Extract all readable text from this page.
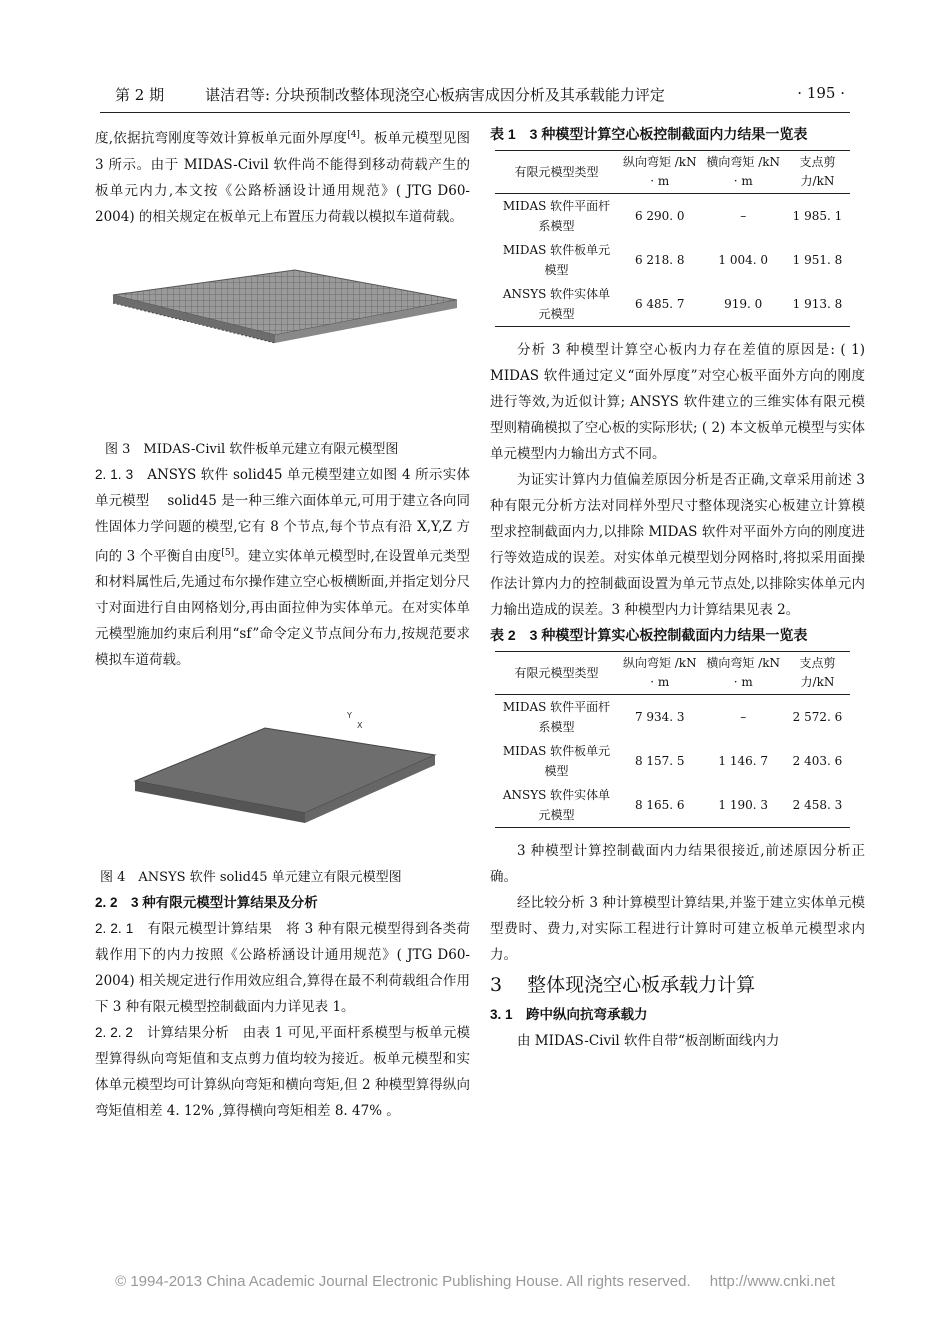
第 2 期	谌洁君等: 分块预制改整体现浇空心板病害成因分析及其承载能力评定	· 195 ·

度,依据抗弯刚度等效计算板单元面外厚度[4]。板单元模型见图 3 所示。由于 MIDAS-Civil 软件尚不能得到移动荷载产生的板单元内力,本文按《公路桥涵设计通用规范》( JTG D60-2004) 的相关规定在板单元上布置压力荷载以模拟车道荷载。

图 3　MIDAS-Civil 软件板单元建立有限元模型图

2. 1. 3　 ANSYS 软件 solid45 单元模型建立如图 4 所示实体单元模型　 solid45 是一种三维六面体单元,可用于建立各向同性固体力学问题的模型,它有 8 个节点,每个节点有沿 X,Y,Z 方向的 3 个平衡自由度[5]。建立实体单元模型时,在设置单元类型和材料属性后,先通过布尔操作建立空心板横断面,并指定划分尺寸对面进行自由网格划分,再由面拉伸为实体单元。在对实体单元模型施加约束后利用“sf”命令定义节点间分布力,按规范要求模拟车道荷载。

Y
X

图 4　ANSYS 软件 solid45 单元建立有限元模型图

2. 2　 3 种有限元模型计算结果及分析

2. 2. 1　 有限元模型计算结果　 将 3 种有限元模型得到各类荷载作用下的内力按照《公路桥涵设计通用规范》( JTG D60-2004) 相关规定进行作用效应组合,算得在最不利荷载组合作用下 3 种有限元模型控制截面内力详见表 1。

2. 2. 2　 计算结果分析　 由表 1 可见,平面杆系模型与板单元模型算得纵向弯矩值和支点剪力值均较为接近。板单元模型和实体单元模型均可计算纵向弯矩和横向弯矩,但 2 种模型算得纵向弯矩值相差 4. 12% ,算得横向弯矩相差 8. 47% 。

表 1　3 种模型计算空心板控制截面内力结果一览表

有限元模型类型	纵向弯矩 /kN · m	横向弯矩 /kN · m	支点剪力/kN
MIDAS 软件平面杆系模型	6 290. 0	–	1 985. 1
MIDAS 软件板单元模型	6 218. 8	1 004. 0	1 951. 8
ANSYS 软件实体单元模型	6 485. 7	919. 0	1 913. 8

分析 3 种模型计算空心板内力存在差值的原因是: ( 1) MIDAS 软件通过定义“面外厚度”对空心板平面外方向的刚度进行等效,为近似计算; ANSYS 软件建立的三维实体有限元模型则精确模拟了空心板的实际形状; ( 2) 本文板单元模型与实体单元模型内力输出方式不同。

为证实计算内力值偏差原因分析是否正确,文章采用前述 3 种有限元分析方法对同样外型尺寸整体现浇实心板建立计算模型求控制截面内力,以排除 MIDAS 软件对平面外方向的刚度进行等效造成的误差。对实体单元模型划分网格时,将拟采用面操作法计算内力的控制截面设置为单元节点处,以排除实体单元内力输出造成的误差。3 种模型内力计算结果见表 2。

表 2　3 种模型计算实心板控制截面内力结果一览表

有限元模型类型	纵向弯矩 /kN · m	横向弯矩 /kN · m	支点剪力/kN
MIDAS 软件平面杆系模型	7 934. 3	–	2 572. 6
MIDAS 软件板单元模型	8 157. 5	1 146. 7	2 403. 6
ANSYS 软件实体单元模型	8 165. 6	1 190. 3	2 458. 3

3 种模型计算控制截面内力结果很接近,前述原因分析正确。

经比较分析 3 种计算模型计算结果,并鉴于建立实体单元模型费时、费力,对实际工程进行计算时可建立板单元模型求内力。

3　 整体现浇空心板承载力计算

3. 1　 跨中纵向抗弯承载力

由 MIDAS-Civil 软件自带“板剖断面线内力

© 1994-2013 China Academic Journal Electronic Publishing House. All rights reserved.　 http://www.cnki.net
